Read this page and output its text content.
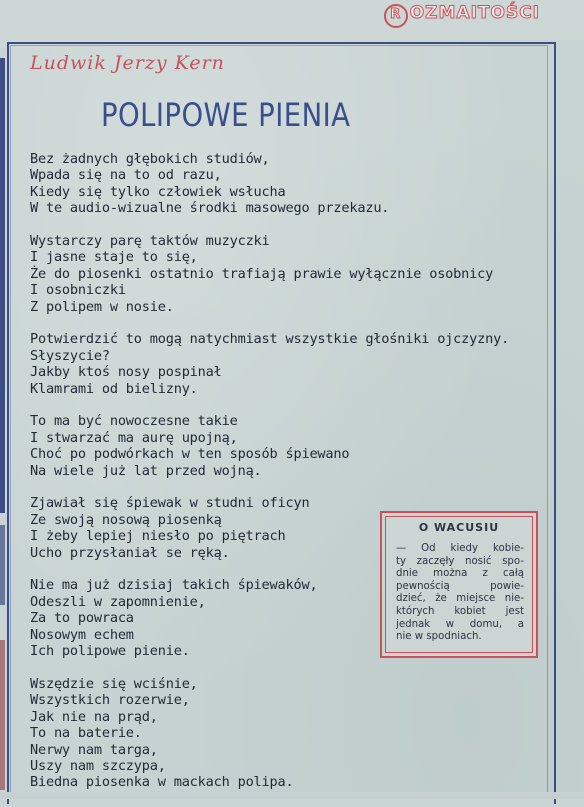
R OZMAITOŚCI
Ludwik Jerzy Kern
POLIPOWE PIENIA
Bez żadnych głębokich studiów,
Wpada się na to od razu,
Kiedy się tylko człowiek wsłucha
W te audio-wizualne środki masowego przekazu.
Wystarczy parę taktów muzyczki
I jasne staje to się,
Że do piosenki ostatnio trafiają prawie wyłącznie osobnicy
I osobniczki
Z polipem w nosie.
Potwierdzić to mogą natychmiast wszystkie głośniki ojczyzny.
Słyszycie?
Jakby ktoś nosy pospinał
Klamrami od bielizny.
To ma być nowoczesne takie
I stwarzać ma aurę upojną,
Choć po podwórkach w ten sposób śpiewano
Na wiele już lat przed wojną.
Zjawiał się śpiewak w studni oficyn
Ze swoją nosową piosenką
I żeby lepiej niesło po piętrach
Ucho przysłaniał se ręką.
Nie ma już dzisiaj takich śpiewaków,
Odeszli w zapomnienie,
Za to powraca
Nosowym echem
Ich polipowe pienie.
Wszędzie się wciśnie,
Wszystkich rozerwie,
Jak nie na prąd,
To na baterie.
Nerwy nam targa,
Uszy nam szczypa,
Biedna piosenka w mackach polipa.
O WACUSIU
— Od kiedy kobie-
ty zaczęły nosić spo-
dnie można z całą
pewnością powie-
dzieć, że miejsce nie-
których kobiet jest
jednak w domu, a
nie w spodniach.
